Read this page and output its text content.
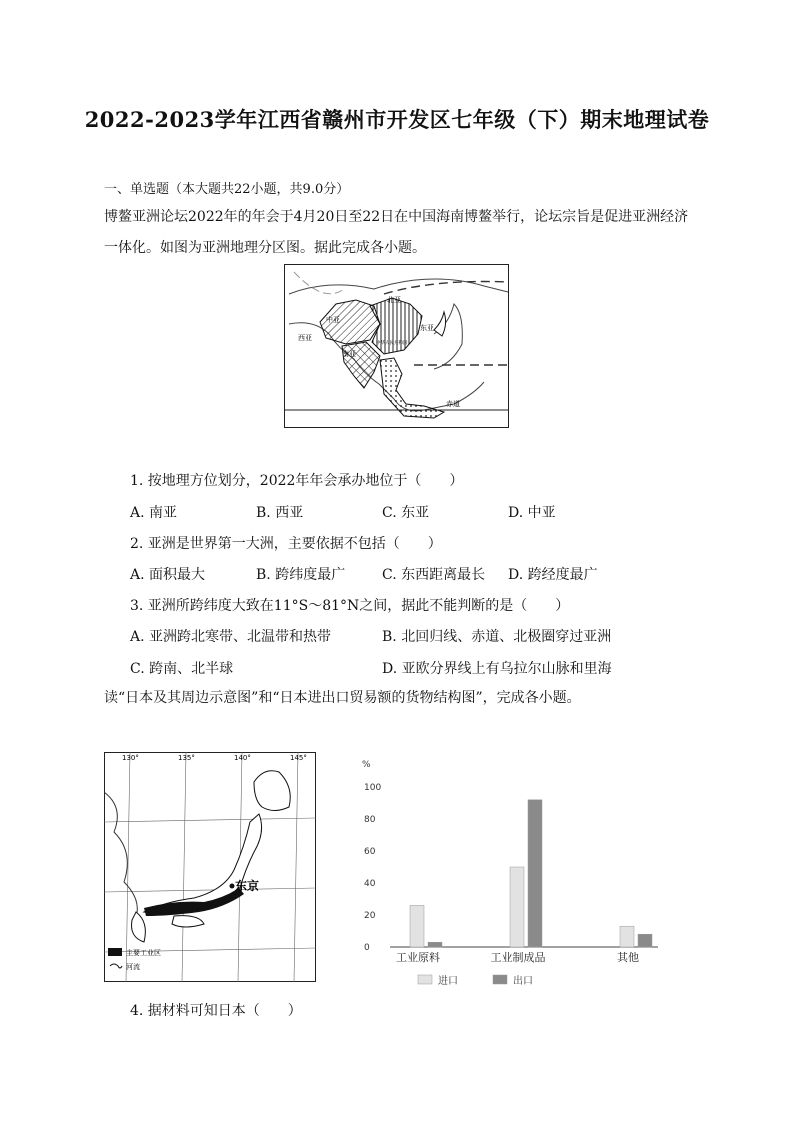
2022-2023学年江西省赣州市开发区七年级（下）期末地理试卷
一、单选题（本大题共22小题，共9.0分）
博鳌亚洲论坛2022年的年会于4月20日至22日在中国海南博鳌举行，论坛宗旨是促进亚洲经济
一体化。如图为亚洲地理分区图。据此完成各小题。
北亚
中亚
东亚
西亚
南亚
中华人民共和国
赤道
1. 按地理方位划分，2022年年会承办地位于（　　）
A. 南亚	B. 西亚	C. 东亚	D. 中亚
2. 亚洲是世界第一大洲，主要依据不包括（　　）
A. 面积最大	B. 跨纬度最广	C. 东西距离最长 D. 跨经度最广
3. 亚洲所跨纬度大致在11°S～81°N之间，据此不能判断的是（　　）
A. 亚洲跨北寒带、北温带和热带	B. 北回归线、赤道、北极圈穿过亚洲
C. 跨南、北半球	D. 亚欧分界线上有乌拉尔山脉和里海
读“日本及其周边示意图”和“日本进出口贸易额的货物结构图”，完成各小题。
130°	135°	140°	145°
东京
主要工业区
河流
%
0
20
40
60
80
100
工业原料	工业制成品	其他
进口	出口
4. 据材料可知日本（　　）
